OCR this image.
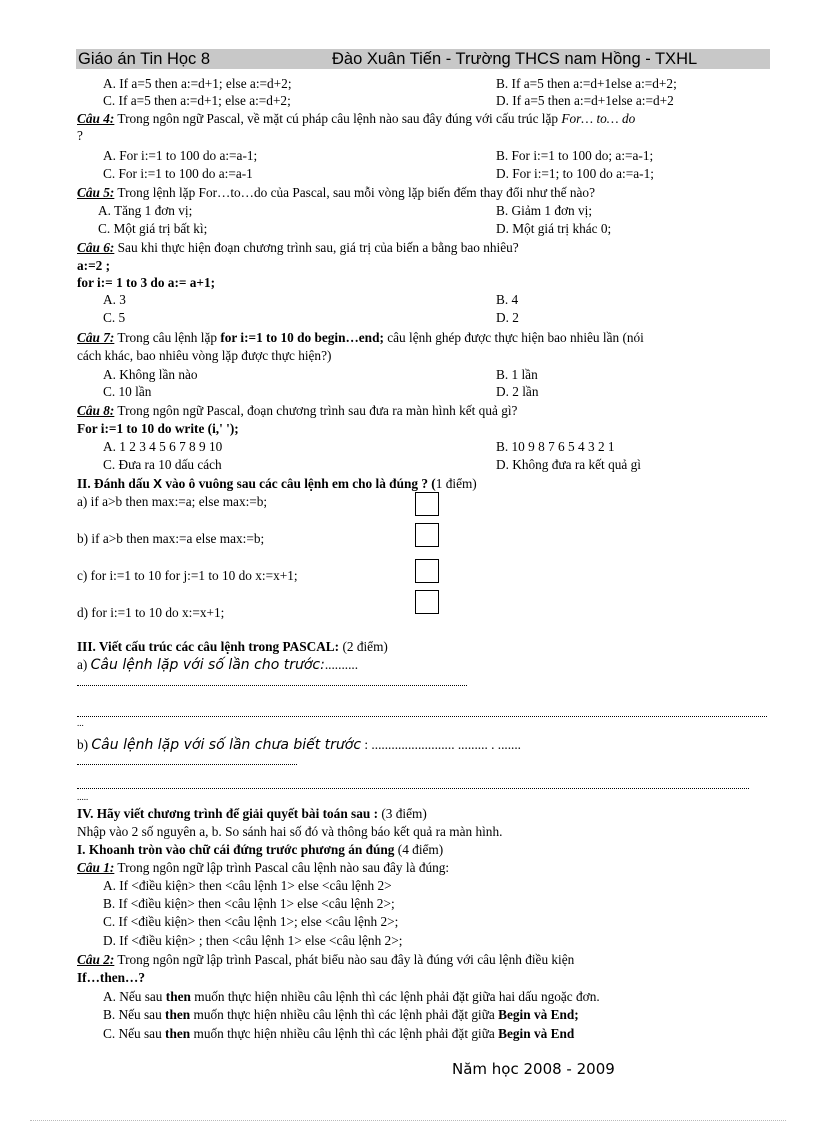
Giáo án Tin Học 8	Đào Xuân Tiến - Trường THCS nam Hồng - TXHL
A. If a=5 then a:=d+1; else a:=d+2;	B. If a=5 then a:=d+1else a:=d+2;
C. If a=5 then a:=d+1; else a:=d+2;	D. If a=5 then a:=d+1else a:=d+2
Câu 4: Trong ngôn ngữ Pascal, về mặt cú pháp câu lệnh nào sau đây đúng với cấu trúc lặp For… to… do
?
A. For i:=1 to 100 do a:=a-1;	B. For i:=1 to 100 do; a:=a-1;
C. For i:=1 to 100 do a:=a-1	D. For i:=1; to 100 do a:=a-1;
Câu 5: Trong lệnh lặp For…to…do của Pascal, sau mỗi vòng lặp biến đếm thay đổi như thế nào?
A. Tăng 1 đơn vị;	B. Giảm 1 đơn vị;
C. Một giá trị bất kì;	D. Một giá trị khác 0;
Câu 6: Sau khi thực hiện đoạn chương trình sau, giá trị của biến a bằng bao nhiêu?
a:=2 ;
for i:= 1 to 3 do a:= a+1;
A. 3	B. 4
C. 5	D. 2
Câu 7: Trong câu lệnh lặp for i:=1 to 10 do begin…end; câu lệnh ghép được thực hiện bao nhiêu lần (nói
cách khác, bao nhiêu vòng lặp được thực hiện?)
A. Không lần nào	B. 1 lần
C. 10 lần	D. 2 lần
Câu 8: Trong ngôn ngữ Pascal, đoạn chương trình sau đưa ra màn hình kết quả gì?
For i:=1 to 10 do write (i,' ');
A. 1 2 3 4 5 6 7 8 9 10	B. 10 9 8 7 6 5 4 3 2 1
C. Đưa ra 10 dấu cách	D. Không đưa ra kết quả gì
II. Đánh dấu X vào ô vuông sau các câu lệnh em cho là đúng ? (1 điểm)
a) if a>b then max:=a; else max:=b;
b) if a>b then max:=a else max:=b;
c) for i:=1 to 10 for j:=1 to 10 do x:=x+1;
d) for i:=1 to 10 do x:=x+1;
III. Viết cấu trúc các câu lệnh trong PASCAL: (2 điểm)
a) Câu lệnh lặp với số lần cho trước:..........
...
b) Câu lệnh lặp với số lần chưa biết trước : ......................... ......... . .......
.....
IV. Hãy viết chương trình để giải quyết bài toán sau : (3 điểm)
Nhập vào 2 số nguyên a, b. So sánh hai số đó và thông báo kết quả ra màn hình.
I. Khoanh tròn vào chữ cái đứng trước phương án đúng (4 điểm)
Câu 1: Trong ngôn ngữ lập trình Pascal câu lệnh nào sau đây là đúng:
A. If <điều kiện> then <câu lệnh 1> else <câu lệnh 2>
B. If <điều kiện> then <câu lệnh 1> else <câu lệnh 2>;
C. If <điều kiện> then <câu lệnh 1>; else <câu lệnh 2>;
D. If <điều kiện> ; then <câu lệnh 1> else <câu lệnh 2>;
Câu 2: Trong ngôn ngữ lập trình Pascal, phát biểu nào sau đây là đúng với câu lệnh điều kiện
If…then…?
A. Nếu sau then muốn thực hiện nhiều câu lệnh thì các lệnh phải đặt giữa hai dấu ngoặc đơn.
B. Nếu sau then muốn thực hiện nhiều câu lệnh thì các lệnh phải đặt giữa Begin và End;
C. Nếu sau then muốn thực hiện nhiều câu lệnh thì các lệnh phải đặt giữa Begin và End
Năm học 2008 - 2009
